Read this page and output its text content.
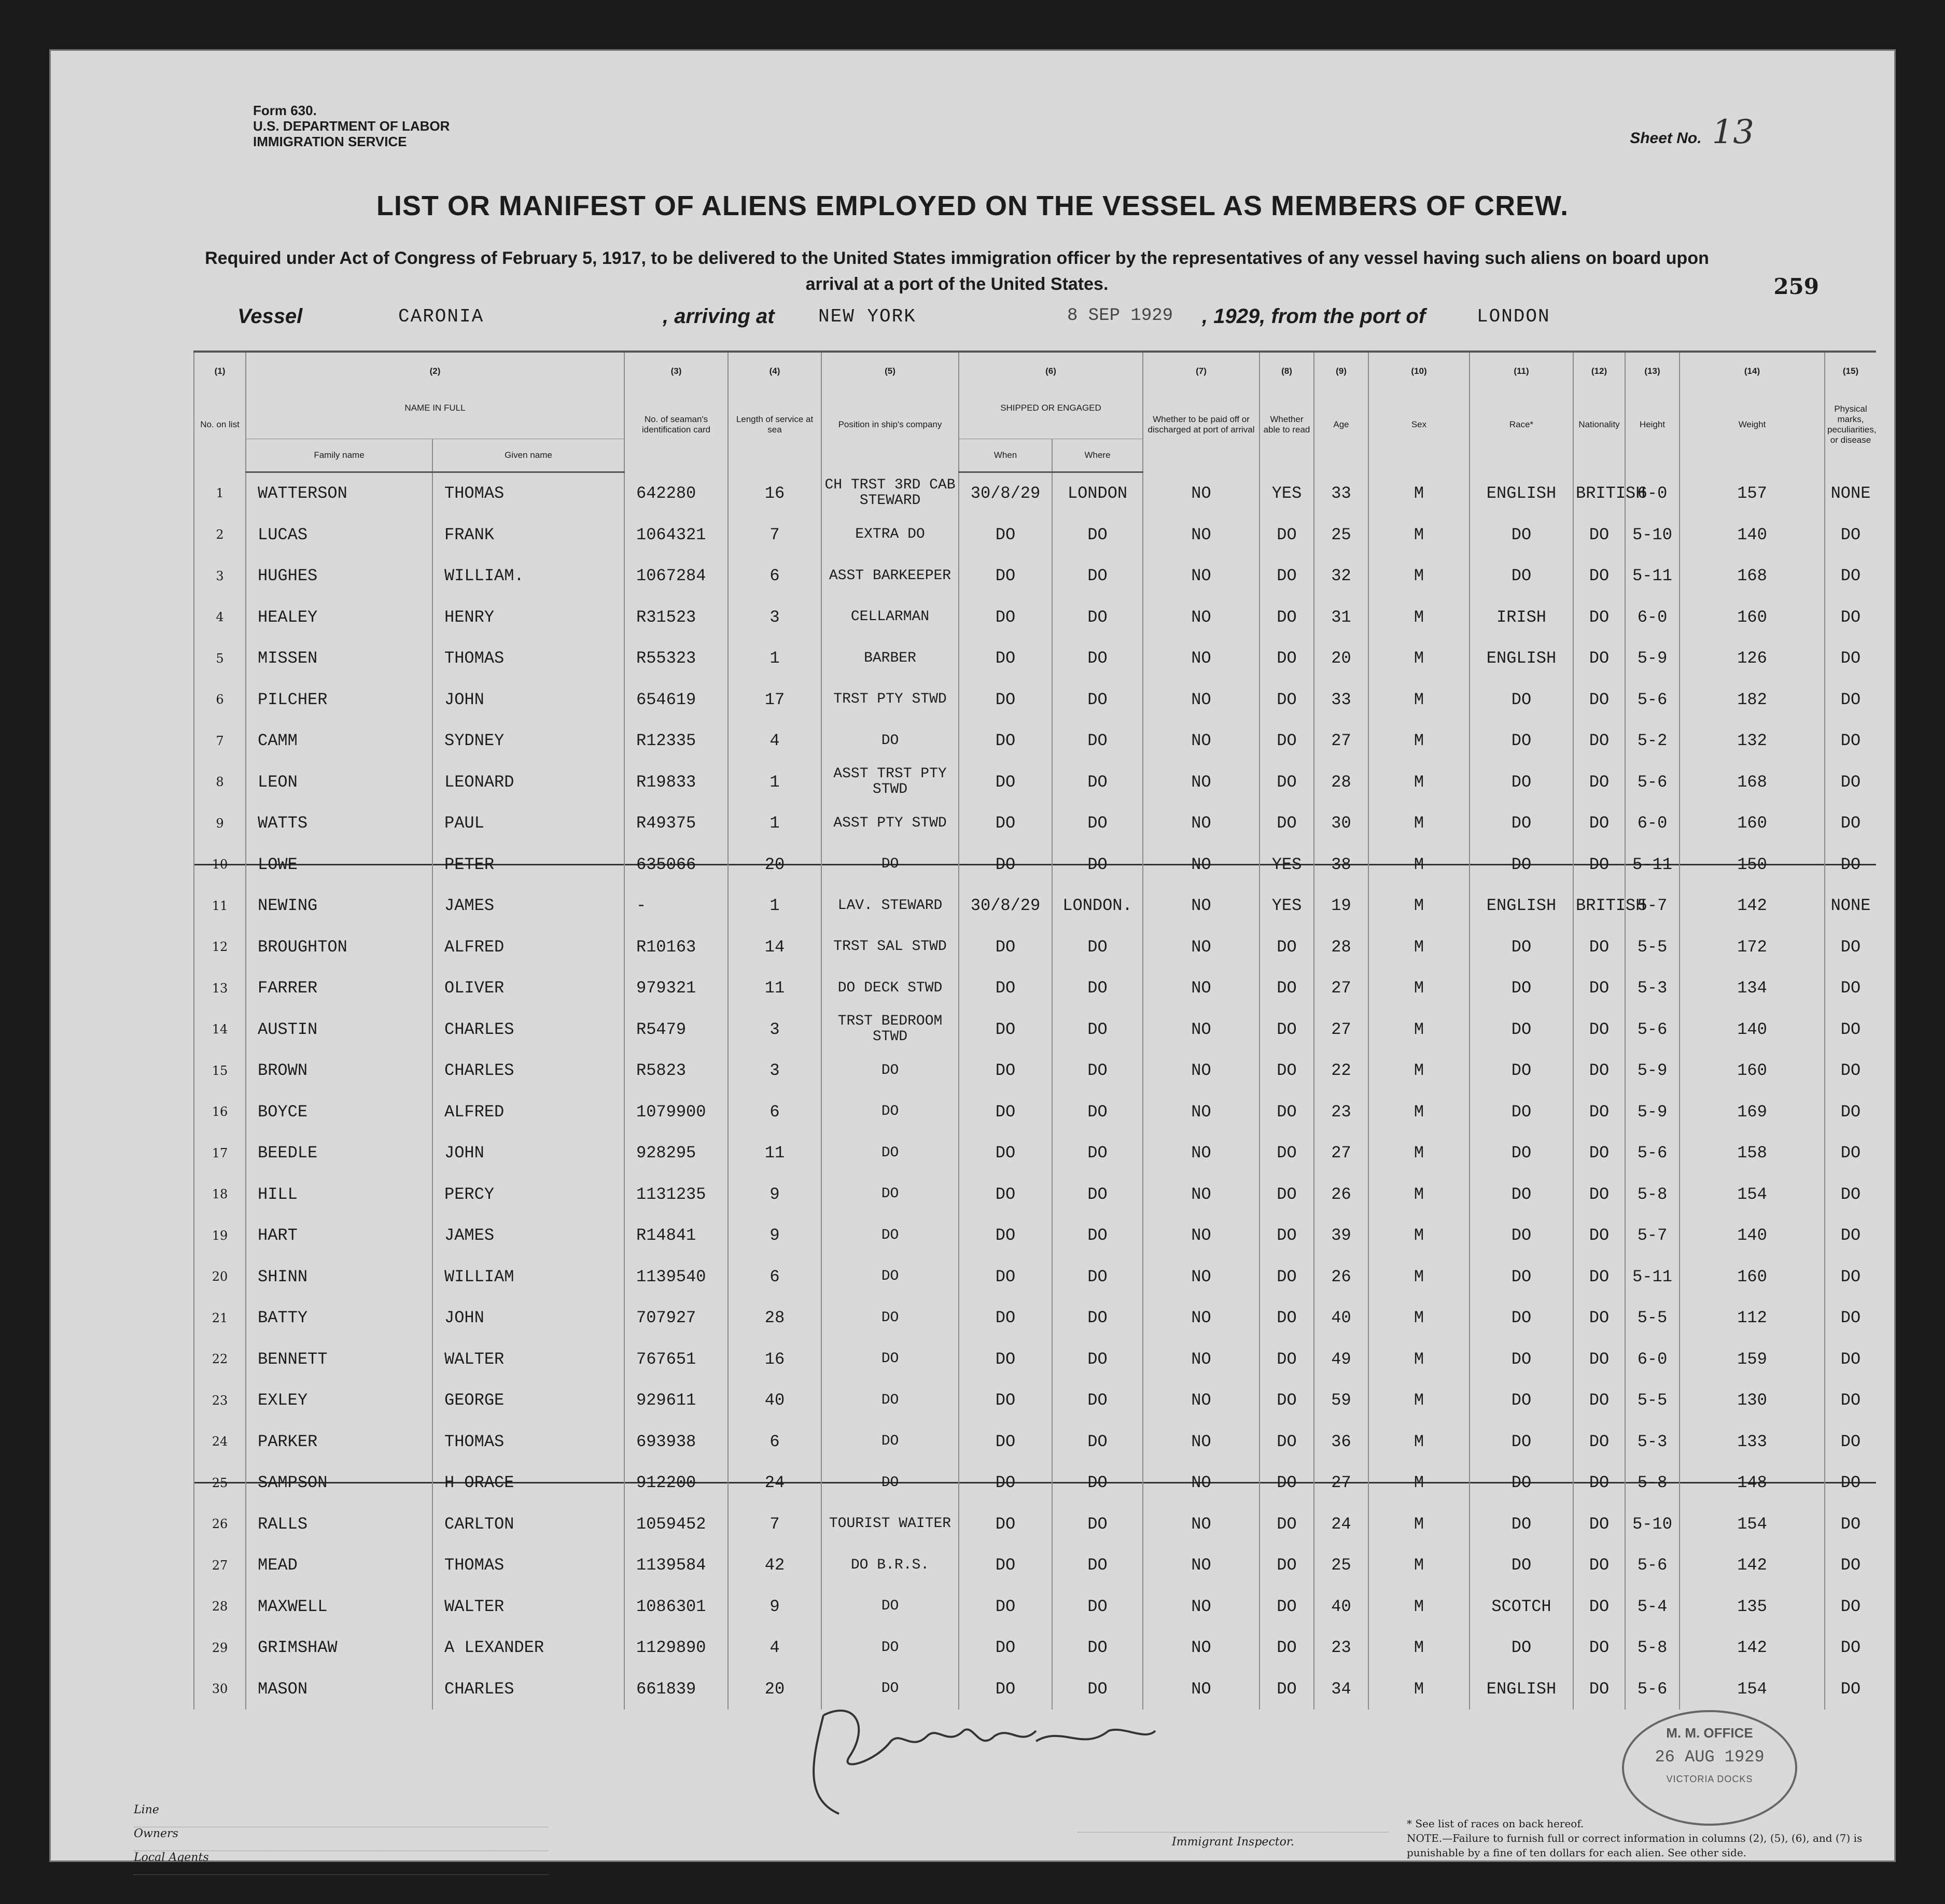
Form 630.
U.S. DEPARTMENT OF LABOR
IMMIGRATION SERVICE	Sheet No. 13
LIST OR MANIFEST OF ALIENS EMPLOYED ON THE VESSEL AS MEMBERS OF CREW.
Required under Act of Congress of February 5, 1917, to be delivered to the United States immigration officer by the representatives of any vessel having such aliens on board upon arrival at a port of the United States.	259
Vessel	CARONIA	, arriving at NEW YORK	8 SEP 1929 , 1929, from the port of	LONDON
(1)	(2)		(3)	(4)	(5)	(6)		(7)	(8)	(9)	(10)	(11)	(12)	(13)	(14)	(15)
No. on list	NAME IN FULL		No. of seaman's identification card	Length of service at sea	Position in ship's company	SHIPPED OR ENGAGED		Whether to be paid off or discharged at port of arrival	Whether able to read	Age	Sex	Race*	Nationality	Height	Weight	Physical marks, peculiarities, or disease
	Family name	Given name				When	Where									
1	WATTERSON	THOMAS	642280	16	CH TRST 3RD CAB STEWARD	30/8/29	LONDON	NO	YES	33	M	ENGLISH	BRITISH	6-0	157	NONE
2	LUCAS	FRANK	1064321	7	EXTRA DO	DO	DO	NO	DO	25	M	DO	DO	5-10	140	DO
3	HUGHES	WILLIAM.	1067284	6	ASST BARKEEPER	DO	DO	NO	DO	32	M	DO	DO	5-11	168	DO
4	HEALEY	HENRY	R31523	3	CELLARMAN	DO	DO	NO	DO	31	M	IRISH	DO	6-0	160	DO
5	MISSEN	THOMAS	R55323	1	BARBER	DO	DO	NO	DO	20	M	ENGLISH	DO	5-9	126	DO
6	PILCHER	JOHN	654619	17	TRST PTY STWD	DO	DO	NO	DO	33	M	DO	DO	5-6	182	DO
7	CAMM	SYDNEY	R12335	4	DO	DO	DO	NO	DO	27	M	DO	DO	5-2	132	DO
8	LEON	LEONARD	R19833	1	ASST TRST PTY STWD	DO	DO	NO	DO	28	M	DO	DO	5-6	168	DO
9	WATTS	PAUL	R49375	1	ASST PTY STWD	DO	DO	NO	DO	30	M	DO	DO	6-0	160	DO
10	LOWE	PETER	635066	20	DO	DO	DO	NO	YES	38	M	DO	DO	5-11	150	DO
11	NEWING	JAMES	-	1	LAV. STEWARD	30/8/29	LONDON.	NO	YES	19	M	ENGLISH	BRITISH	5-7	142	NONE
12	BROUGHTON	ALFRED	R10163	14	TRST SAL STWD	DO	DO	NO	DO	28	M	DO	DO	5-5	172	DO
13	FARRER	OLIVER	979321	11	DO DECK STWD	DO	DO	NO	DO	27	M	DO	DO	5-3	134	DO
14	AUSTIN	CHARLES	R5479	3	TRST BEDROOM STWD	DO	DO	NO	DO	27	M	DO	DO	5-6	140	DO
15	BROWN	CHARLES	R5823	3	DO	DO	DO	NO	DO	22	M	DO	DO	5-9	160	DO
16	BOYCE	ALFRED	1079900	6	DO	DO	DO	NO	DO	23	M	DO	DO	5-9	169	DO
17	BEEDLE	JOHN	928295	11	DO	DO	DO	NO	DO	27	M	DO	DO	5-6	158	DO
18	HILL	PERCY	1131235	9	DO	DO	DO	NO	DO	26	M	DO	DO	5-8	154	DO
19	HART	JAMES	R14841	9	DO	DO	DO	NO	DO	39	M	DO	DO	5-7	140	DO
20	SHINN	WILLIAM	1139540	6	DO	DO	DO	NO	DO	26	M	DO	DO	5-11	160	DO
21	BATTY	JOHN	707927	28	DO	DO	DO	NO	DO	40	M	DO	DO	5-5	112	DO
22	BENNETT	WALTER	767651	16	DO	DO	DO	NO	DO	49	M	DO	DO	6-0	159	DO
23	EXLEY	GEORGE	929611	40	DO	DO	DO	NO	DO	59	M	DO	DO	5-5	130	DO
24	PARKER	THOMAS	693938	6	DO	DO	DO	NO	DO	36	M	DO	DO	5-3	133	DO
25	SAMPSON	H ORACE	912200	24	DO	DO	DO	NO	DO	27	M	DO	DO	5-8	148	DO
26	RALLS	CARLTON	1059452	7	TOURIST WAITER	DO	DO	NO	DO	24	M	DO	DO	5-10	154	DO
27	MEAD	THOMAS	1139584	42	DO B.R.S.	DO	DO	NO	DO	25	M	DO	DO	5-6	142	DO
28	MAXWELL	WALTER	1086301	9	DO	DO	DO	NO	DO	40	M	SCOTCH	DO	5-4	135	DO
29	GRIMSHAW	A LEXANDER	1129890	4	DO	DO	DO	NO	DO	23	M	DO	DO	5-8	142	DO
30	MASON	CHARLES	661839	20	DO	DO	DO	NO	DO	34	M	ENGLISH	DO	5-6	154	DO
M. M. OFFICE
26 AUG 1929
VICTORIA DOCKS
Line
Owners
Local Agents
5000. 3/29. 22/566.
Immigrant Inspector.
* See list of races on back hereof.
NOTE.—Failure to furnish full or correct information in columns (2), (5), (6), and (7) is punishable by a fine of ten dollars for each alien. See other side.
